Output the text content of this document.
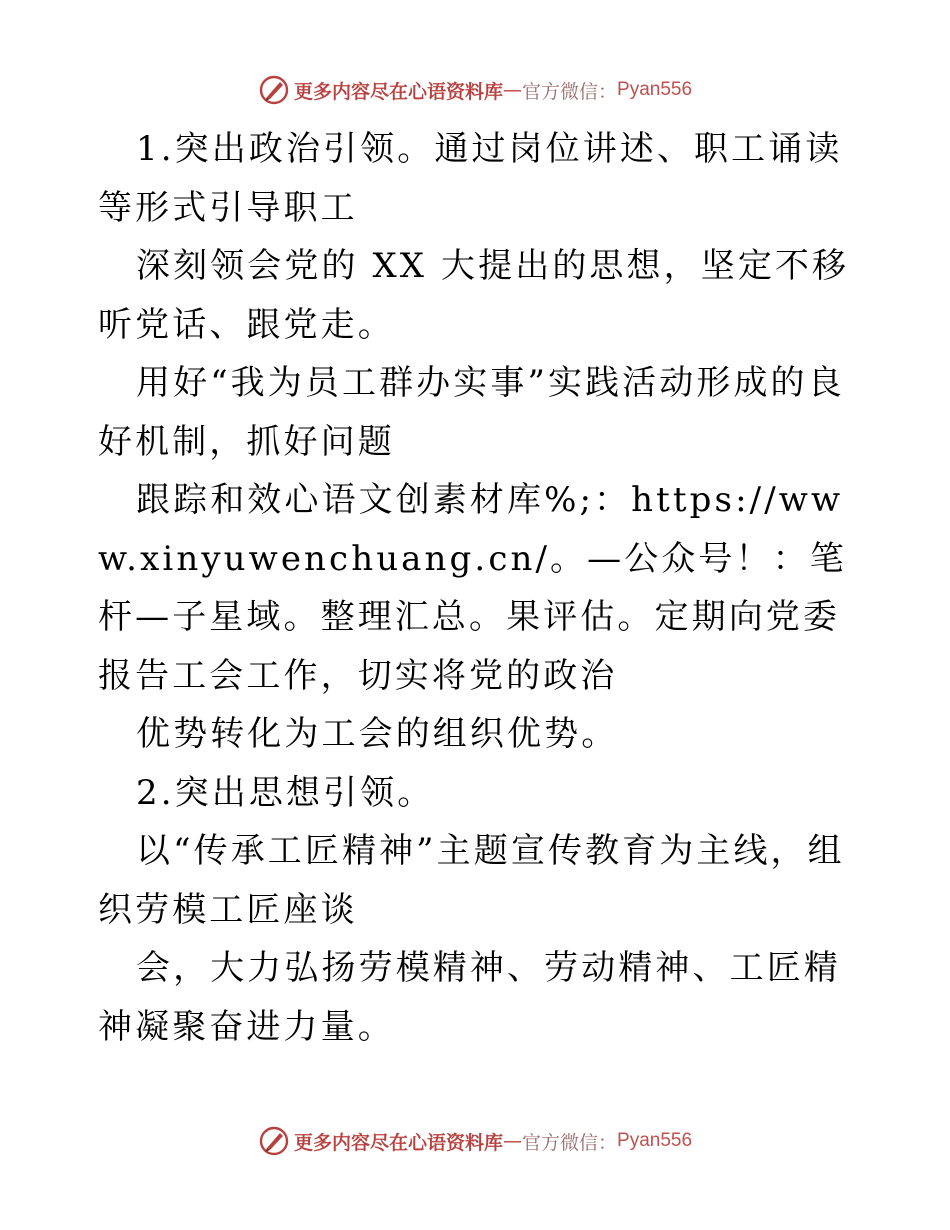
更多内容尽在心语资料库 — 官方微信 ： Pyan556

1.突出政治引领。通过岗位讲述、职工诵读等形式引导职工

深刻领会党的 XX 大提出的思想，坚定不移听党话、跟党走。

用好“我为员工群办实事”实践活动形成的良好机制，抓好问题

跟踪和效心语文创素材库%;：https://www.xinyuwenchuang.cn/。—公众号！：笔杆—子星域。整理汇总。果评估。定期向党委报告工会工作，切实将党的政治

优势转化为工会的组织优势。

2.突出思想引领。

以“传承工匠精神”主题宣传教育为主线，组织劳模工匠座谈

会，大力弘扬劳模精神、劳动精神、工匠精神凝聚奋进力量。

更多内容尽在心语资料库 — 官方微信 ： Pyan556
